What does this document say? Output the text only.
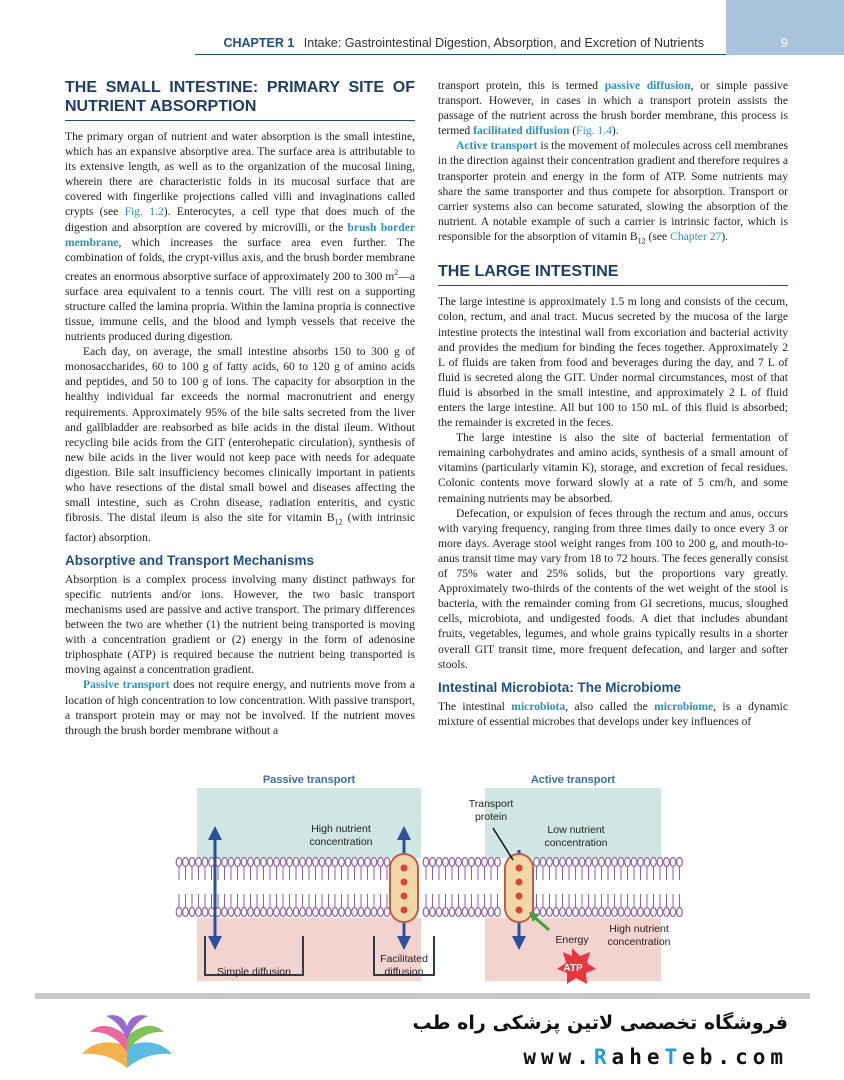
CHAPTER 1 Intake: Gastrointestinal Digestion, Absorption, and Excretion of Nutrients	9
THE SMALL INTESTINE: PRIMARY SITE OF NUTRIENT ABSORPTION

The primary organ of nutrient and water absorption is the small intestine, which has an expansive absorptive area. The surface area is attributable to its extensive length, as well as to the organization of the mucosal lining, wherein there are characteristic folds in its mucosal surface that are covered with fingerlike projections called villi and invaginations called crypts (see Fig. 1.2). Enterocytes, a cell type that does much of the digestion and absorption are covered by microvilli, or the brush border membrane, which increases the surface area even further. The combination of folds, the crypt-villus axis, and the brush border membrane creates an enormous absorptive surface of approximately 200 to 300 $m^2—a$ surface area equivalent to a tennis court. The villi rest on a supporting structure called the lamina propria. Within the lamina propria is connective tissue, immune cells, and the blood and lymph vessels that receive the nutrients produced during digestion.

Each day, on average, the small intestine absorbs 150 to 300 g of monosaccharides, 60 to 100 g of fatty acids, 60 to 120 g of amino acids and peptides, and 50 to 100 g of ions. The capacity for absorption in the healthy individual far exceeds the normal macronutrient and energy requirements. Approximately 95% of the bile salts secreted from the liver and gallbladder are reabsorbed as bile acids in the distal ileum. Without recycling bile acids from the GIT (enterohepatic circulation), synthesis of new bile acids in the liver would not keep pace with needs for adequate digestion. Bile salt insufficiency becomes clinically important in patients who have resections of the distal small bowel and diseases affecting the small intestine, such as Crohn disease, radiation enteritis, and cystic fibrosis. The distal ileum is also the site for vitamin $B_{12}$ (with intrinsic factor) absorption.

Absorptive and Transport Mechanisms

Absorption is a complex process involving many distinct pathways for specific nutrients and/or ions. However, the two basic transport mechanisms used are passive and active transport. The primary differences between the two are whether (1) the nutrient being transported is moving with a concentration gradient or (2) energy in the form of adenosine triphosphate (ATP) is required because the nutrient being transported is moving against a concentration gradient.

Passive transport does not require energy, and nutrients move from a location of high concentration to low concentration. With passive transport, a transport protein may or may not be involved. If the nutrient moves through the brush border membrane without a

transport protein, this is termed passive diffusion, or simple passive transport. However, in cases in which a transport protein assists the passage of the nutrient across the brush border membrane, this process is termed facilitated diffusion (Fig. 1.4).

Active transport is the movement of molecules across cell membranes in the direction against their concentration gradient and therefore requires a transporter protein and energy in the form of ATP. Some nutrients may share the same transporter and thus compete for absorption. Transport or carrier systems also can become saturated, slowing the absorption of the nutrient. A notable example of such a carrier is intrinsic factor, which is responsible for the absorption of vitamin $B_{12}$ (see Chapter 27).

THE LARGE INTESTINE

The large intestine is approximately 1.5 m long and consists of the cecum, colon, rectum, and anal tract. Mucus secreted by the mucosa of the large intestine protects the intestinal wall from excoriation and bacterial activity and provides the medium for binding the feces together. Approximately 2 L of fluids are taken from food and beverages during the day, and 7 L of fluid is secreted along the GIT. Under normal circumstances, most of that fluid is absorbed in the small intestine, and approximately 2 L of fluid enters the large intestine. All but 100 to 150 mL of this fluid is absorbed; the remainder is excreted in the feces.

The large intestine is also the site of bacterial fermentation of remaining carbohydrates and amino acids, synthesis of a small amount of vitamins (particularly vitamin K), storage, and excretion of fecal residues. Colonic contents move forward slowly at a rate of 5 cm/h, and some remaining nutrients may be absorbed.

Defecation, or expulsion of feces through the rectum and anus, occurs with varying frequency, ranging from three times daily to once every 3 or more days. Average stool weight ranges from 100 to 200 g, and mouth-to-anus transit time may vary from 18 to 72 hours. The feces generally consist of 75% water and 25% solids, but the proportions vary greatly. Approximately two-thirds of the contents of the wet weight of the stool is bacteria, with the remainder coming from GI secretions, mucus, sloughed cells, microbiota, and undigested foods. A diet that includes abundant fruits, vegetables, legumes, and whole grains typically results in a shorter overall GIT transit time, more frequent defecation, and larger and softer stools.

Intestinal Microbiota: The Microbiome

The intestinal microbiota, also called the microbiome, is a dynamic mixture of essential microbes that develops under key influences of

ATP
Passive transport	Active transport
High nutrient
concentration
Transport
protein
Low nutrient
concentration
Simple diffusion
Facilitated
diffusion
Energy
High nutrient
concentration
فروشگاه تخصصی لاتین پزشکی راه طب
www.RaheTeb.com
